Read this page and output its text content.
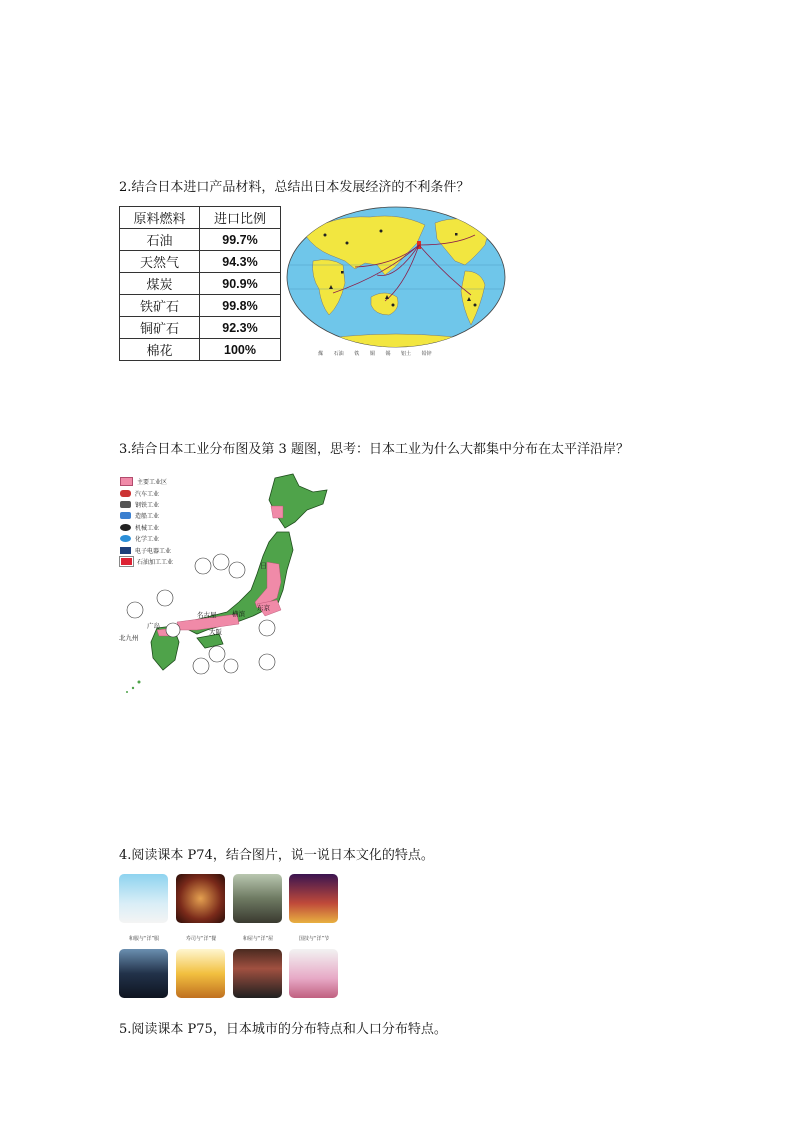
2.结合日本进口产品材料，总结出日本发展经济的不利条件？
原料燃料	进口比例
石油	99.7%
天然气	94.3%
煤炭	90.9%
铁矿石	99.8%
铜矿石	92.3%
棉花	100%	煤 石油 铁 铜 锡 铝土 铅锌
3.结合日本工业分布图及第 3 题图，思考：日本工业为什么大都集中分布在太平洋沿岸？
东京
名古屋 横滨
大阪
北九州
广岛
日
主要工业区
汽车工业
钢铁工业
造船工业
机械工业
化学工业
电子电器工业
石油加工工业
4.阅读课本 P74，结合图片，说一说日本文化的特点。
和服与“洋”服	寿司与“洋”餐	和屋与“洋”屋	国技与“洋”节
5.阅读课本 P75，日本城市的分布特点和人口分布特点。
